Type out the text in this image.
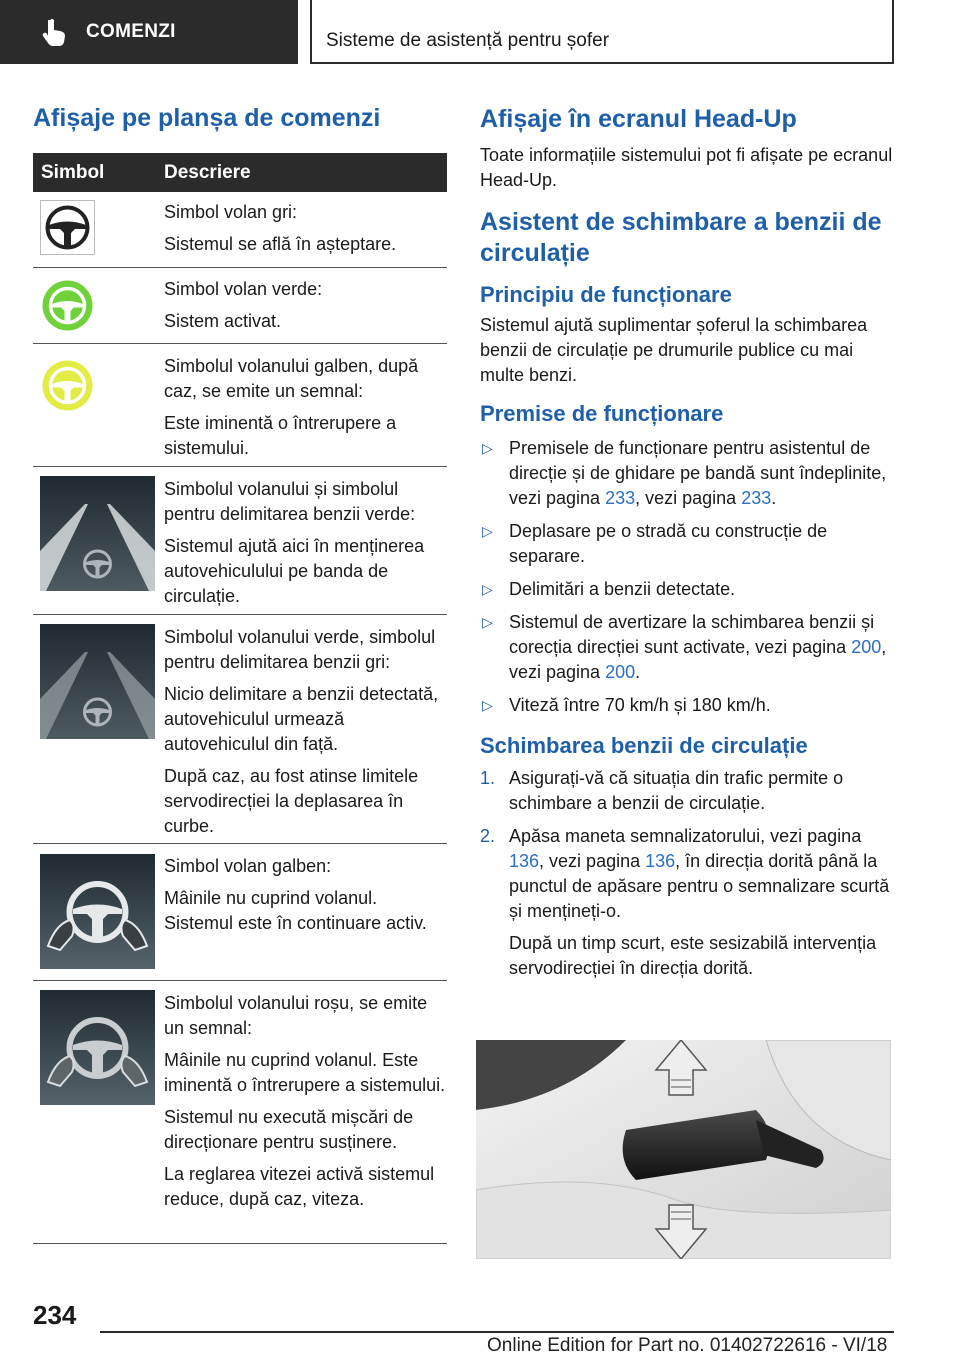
COMENZI	Sisteme de asistență pentru șofer
Afișaje pe planșa de comenzi
Simbol	Descriere

Simbol volan gri:

Sistemul se află în așteptare.

Simbol volan verde:

Sistem activat.

Simbolul volanului galben, după caz, se emite un semnal:

Este iminentă o întrerupere a sistemului.

Simbolul volanului și simbolul pentru delimitarea benzii verde:

Sistemul ajută aici în menținerea autovehiculului pe banda de circulație.

Simbolul volanului verde, simbolul pentru delimitarea benzii gri:

Nicio delimitare a benzii detectată, autovehiculul urmează autovehiculul din față.

După caz, au fost atinse limitele servodirecției la deplasarea în curbe.

Simbol volan galben:

Mâinile nu cuprind volanul. Sistemul este în continuare activ.

Simbolul volanului roșu, se emite un semnal:

Mâinile nu cuprind volanul. Este iminentă o întrerupere a sistemului.

Sistemul nu execută mișcări de direcționare pentru susținere.

La reglarea vitezei activă sistemul reduce, după caz, viteza.

Afișaje în ecranul Head-Up

Toate informațiile sistemului pot fi afișate pe ecranul Head-Up.

Asistent de schimbare a benzii de circulație
Principiu de funcționare

Sistemul ajută suplimentar șoferul la schimbarea benzii de circulație pe drumurile publice cu mai multe benzi.

Premise de funcționare
▷ Premisele de funcționare pentru asistentul de direcție și de ghidare pe bandă sunt îndeplinite, vezi pagina 233, vezi pagina 233.
▷ Deplasare pe o stradă cu construcție de separare.
▷ Delimitări a benzii detectate.
▷ Sistemul de avertizare la schimbarea benzii și corecția direcției sunt activate, vezi pagina 200, vezi pagina 200.
▷ Viteză între 70 km/h și 180 km/h.
Schimbarea benzii de circulație
1. Asigurați-vă că situația din trafic permite o schimbare a benzii de circulație.
2. Apăsa maneta semnalizatorului, vezi pagina 136, vezi pagina 136, în direcția dorită până la punctul de apăsare pentru o semnalizare scurtă și mențineți-o.

După un timp scurt, este sesizabilă intervenția servodirecției în direcția dorită.

234
Online Edition for Part no. 01402722616 - VI/18
